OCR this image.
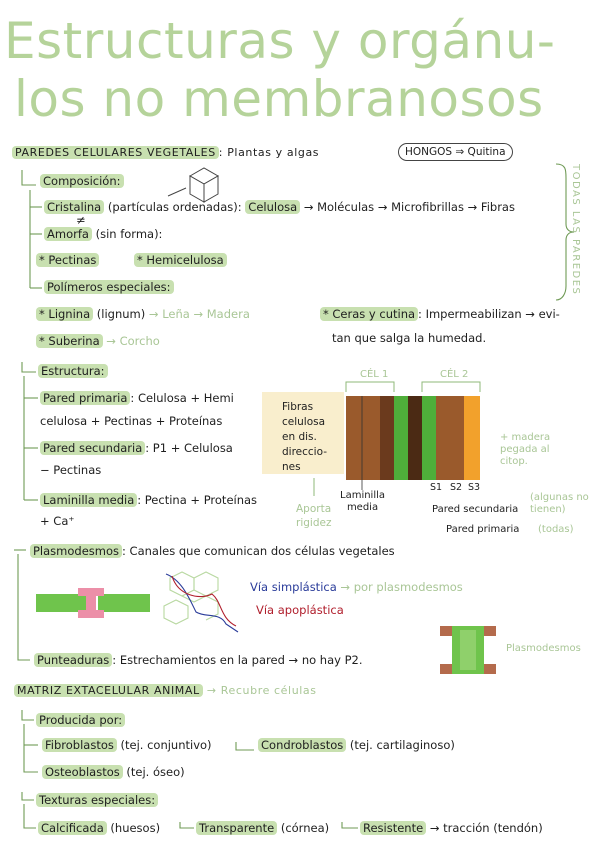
Estructuras y orgánu-
los no membranosos
PAREDES CELULARES VEGETALES : Plantas y algas	HONGOS ⇒ Quitina
TODAS LAS PAREDES
Composición:
Cristalina (partículas ordenadas): Celulosa → Moléculas → Microfibrillas → Fibras
≠
Amorfa (sin forma):
* Pectinas	* Hemicelulosa
Polímeros especiales:
* Lignina (lignum) → Leña → Madera
* Suberina → Corcho
* Ceras y cutina : Impermeabilizan → evi-
tan que salga la humedad.
Estructura:
Pared primaria : Celulosa + Hemi
celulosa + Pectinas + Proteínas
Pared secundaria : P1 + Celulosa
− Pectinas
Laminilla media : Pectina + Proteínas
+ Ca⁺
Fibras
celulosa
en dis.
direccio-
nes
Aporta
rigidez
CÉL 1	CÉL 2
Laminilla
media
S1 S2 S3
Pared secundaria
Pared primaria
+ madera
pegada al
citop.
(algunas no
tienen)
(todas)
Plasmodesmos : Canales que comunican dos células vegetales
Vía simplástica → por plasmodesmos
Vía apoplástica
Punteaduras : Estrechamientos en la pared → no hay P2.
Plasmodesmos
MATRIZ EXTACELULAR ANIMAL → Recubre células
Producida por:
Fibroblastos (tej. conjuntivo)	Condroblastos (tej. cartilaginoso)
Osteoblastos (tej. óseo)
Texturas especiales:
Calcificada (huesos)	Transparente (córnea)	Resistente → tracción (tendón)
